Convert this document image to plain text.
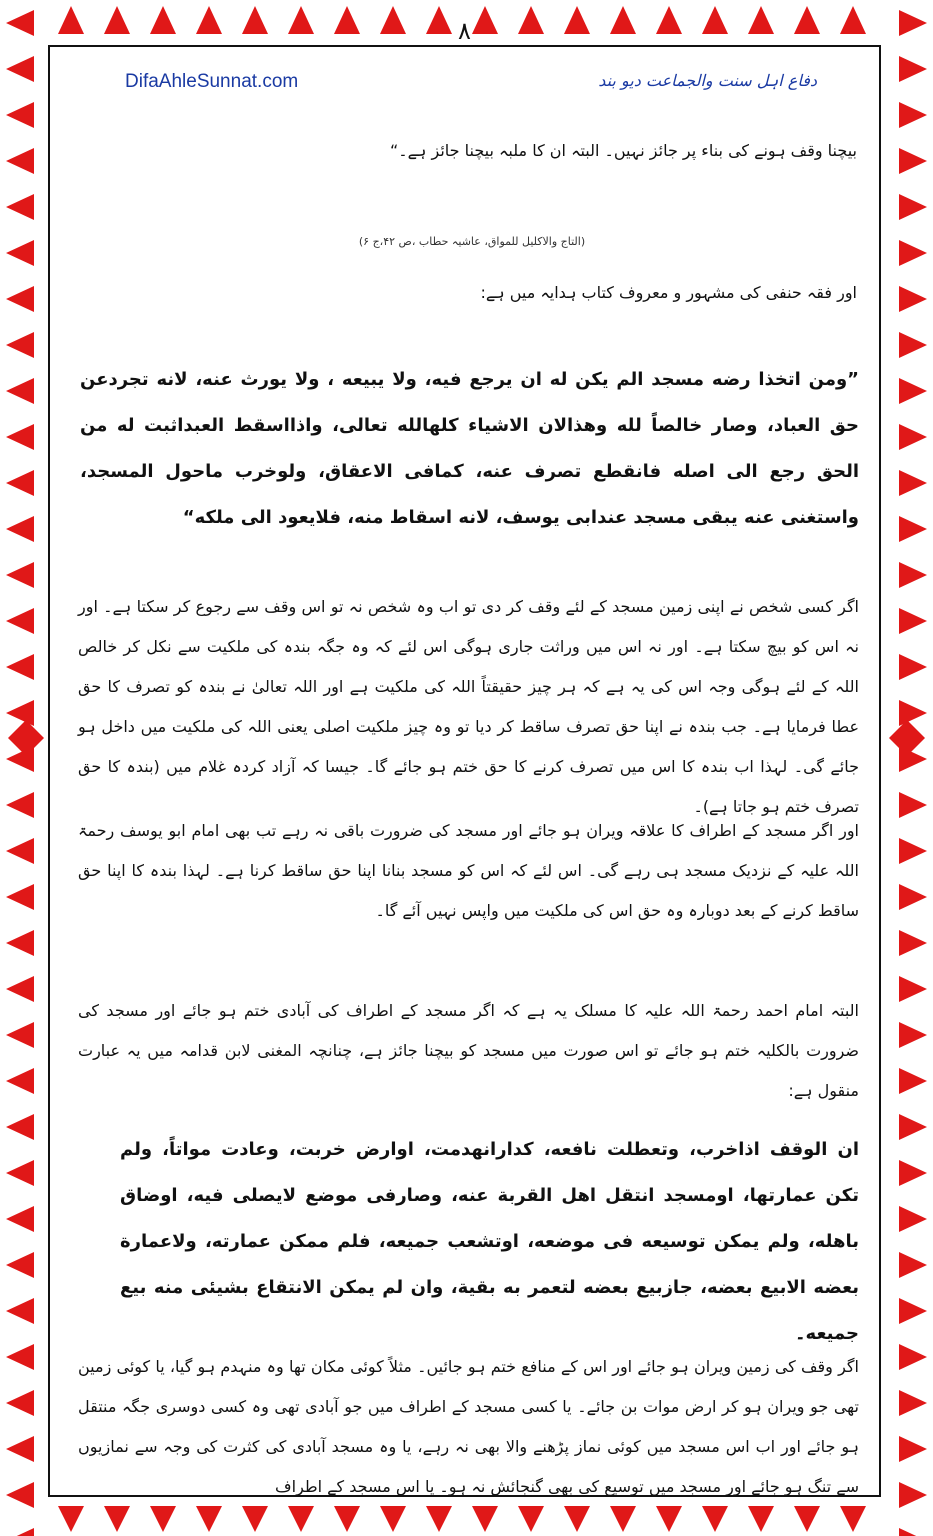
۸
DifaAhleSunnat.com	دفاع اہل سنت والجماعت دیو بند
بیچنا وقف ہونے کی بناء پر جائز نہیں۔ البتہ ان کا ملبہ بیچنا جائز ہے۔“
(التاج والاکلیل للمواق، عاشیہ حطاب ،ص ۴۲،ج ۶)
اور فقہ حنفی کی مشہور و معروف کتاب ہدایہ میں ہے:
”ومن اتخذا رضه مسجد الم يكن له ان يرجع فيه، ولا يبيعه ، ولا يورث عنه، لانه تجردعن حق العباد، وصار خالصاً لله وهذالان الاشياء كلهالله تعالى، واذااسقط العبداثبت له من الحق رجع الى اصله فانقطع تصرف عنه، كمافى الاعقاق، ولوخرب ماحول المسجد، واستغنى عنه يبقى مسجد عندابى يوسف، لانه اسقاط منه، فلايعود الى ملكه“
اگر کسی شخص نے اپنی زمین مسجد کے لئے وقف کر دی تو اب وہ شخص نہ تو اس وقف سے رجوع کر سکتا ہے۔ اور نہ اس کو بیچ سکتا ہے۔ اور نہ اس میں وراثت جاری ہوگی اس لئے کہ وہ جگہ بندہ کی ملکیت سے نکل کر خالص اللہ کے لئے ہوگی وجہ اس کی یہ ہے کہ ہر چیز حقیقتاً اللہ کی ملکیت ہے اور اللہ تعالیٰ نے بندہ کو تصرف کا حق عطا فرمایا ہے۔ جب بندہ نے اپنا حق تصرف ساقط کر دیا تو وہ چیز ملکیت اصلی یعنی اللہ کی ملکیت میں داخل ہو جائے گی۔ لہذا اب بندہ کا اس میں تصرف کرنے کا حق ختم ہو جائے گا۔ جیسا کہ آزاد کردہ غلام میں (بندہ کا حق تصرف ختم ہو جاتا ہے)۔
اور اگر مسجد کے اطراف کا علاقہ ویران ہو جائے اور مسجد کی ضرورت باقی نہ رہے تب بھی امام ابو یوسف رحمۃ اللہ علیہ کے نزدیک مسجد ہی رہے گی۔ اس لئے کہ اس کو مسجد بنانا اپنا حق ساقط کرنا ہے۔ لہذا بندہ کا اپنا حق ساقط کرنے کے بعد دوبارہ وہ حق اس کی ملکیت میں واپس نہیں آئے گا۔
البتہ امام احمد رحمۃ اللہ علیہ کا مسلک یہ ہے کہ اگر مسجد کے اطراف کی آبادی ختم ہو جائے اور مسجد کی ضرورت بالکلیہ ختم ہو جائے تو اس صورت میں مسجد کو بیچنا جائز ہے، چنانچہ المغنی لابن قدامہ میں یہ عبارت منقول ہے:
ان الوقف اذاخرب، وتعطلت نافعه، كدارانهدمت، اوارض خربت، وعادت مواتاً، ولم تكن عمارتها، اومسجد انتقل اهل القربة عنه، وصارفى موضع لايصلى فيه، اوضاق باهله، ولم يمكن توسيعه فى موضعه، اوتشعب جميعه، فلم ممكن عمارته، ولاعمارة بعضه الابيع بعضه، جازبيع بعضه لتعمر به بقية، وان لم يمكن الانتقاع بشيئى منه بيع جميعه۔
اگر وقف کی زمین ویران ہو جائے اور اس کے منافع ختم ہو جائیں۔ مثلاً کوئی مکان تھا وہ منہدم ہو گیا، یا کوئی زمین تھی جو ویران ہو کر ارض موات بن جائے۔ یا کسی مسجد کے اطراف میں جو آبادی تھی وہ کسی دوسری جگہ منتقل ہو جائے اور اب اس مسجد میں کوئی نماز پڑھنے والا بھی نہ رہے، یا وہ مسجد آبادی کی کثرت کی وجہ سے نمازیوں سے تنگ ہو جائے اور مسجد میں توسیع کی بھی گنجائش نہ ہو۔ یا اس مسجد کے اطراف
